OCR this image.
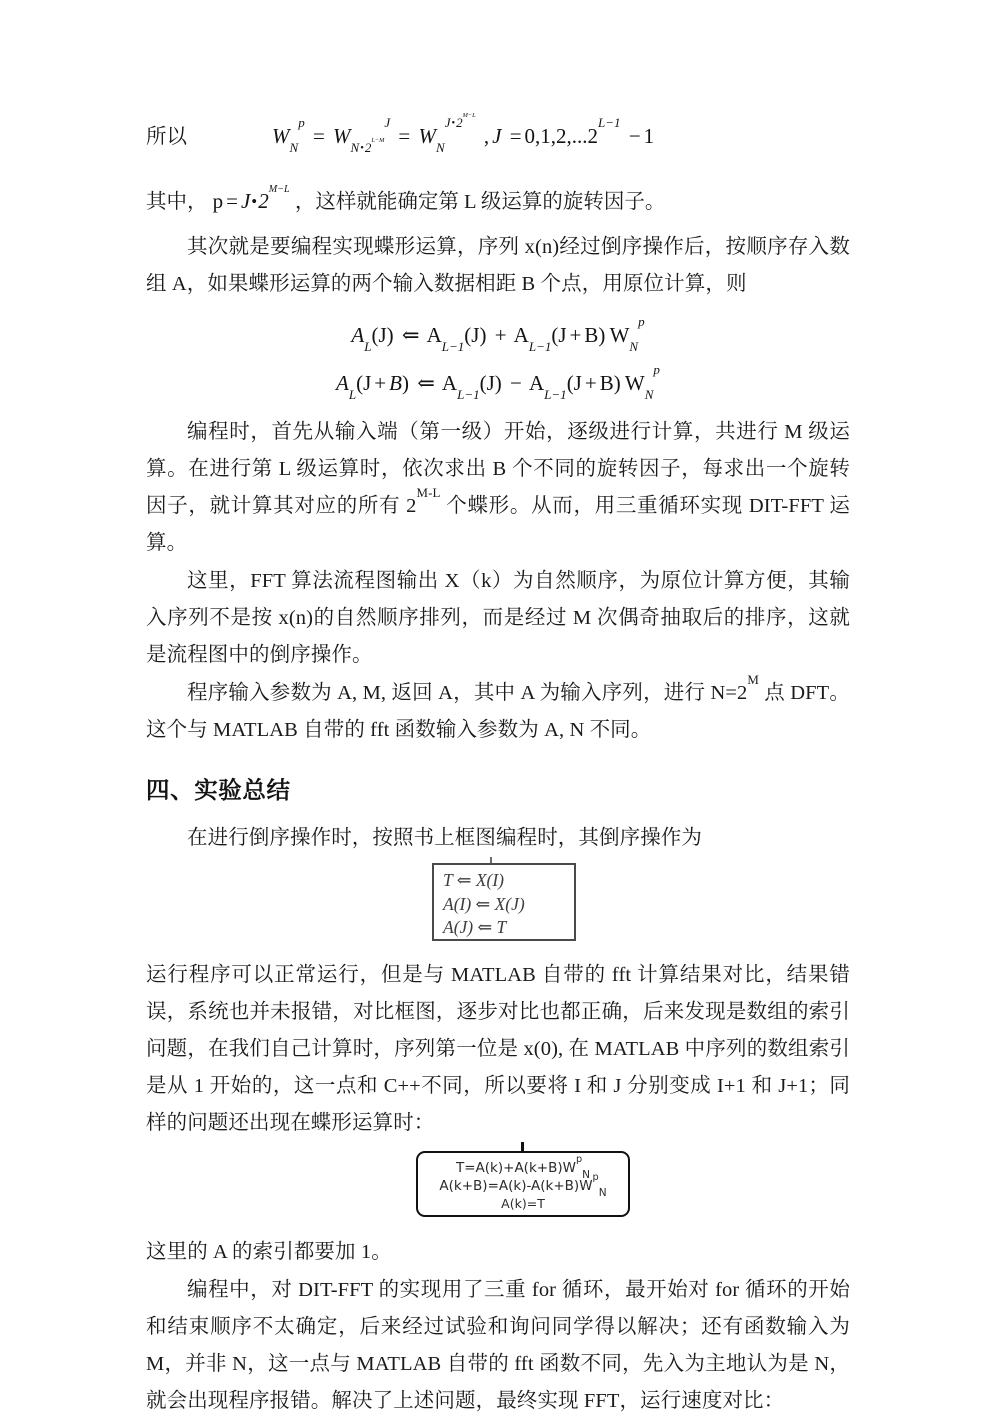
所以	$W_N^p = W_{N•2^{L-M}}^J = W_N^{J•2^{M-L}}$ , $J = 0,1,2,...2^{L-1} - 1$
其中， $p = J•2^{M-L}$ ，这样就能确定第 L 级运算的旋转因子。

其次就是要编程实现蝶形运算，序列 x(n)经过倒序操作后，按顺序存入数组 A，如果蝶形运算的两个输入数据相距 B 个点，用原位计算，则

$A_L(J)$ ⇐ $A_{L-1}(J) + A_{L-1}(J + B)$ $W_N^p$
$A_L(J + B)$ ⇐ $A_{L-1}(J) - A_{L-1}(J + B)$ $W_N^p$

编程时，首先从输入端（第一级）开始，逐级进行计算，共进行 M 级运算。在进行第 L 级运算时，依次求出 B 个不同的旋转因子，每求出一个旋转因子，就计算其对应的所有 $2^{M-L}$ 个蝶形。从而，用三重循环实现 DIT-FFT 运算。

这里，FFT 算法流程图输出 X（k）为自然顺序，为原位计算方便，其输入序列不是按 x(n)的自然顺序排列，而是经过 M 次偶奇抽取后的排序，这就是流程图中的倒序操作。

程序输入参数为 A, M, 返回 A，其中 A 为输入序列，进行 $N=2^M$ 点 DFT。这个与 MATLAB 自带的 fft 函数输入参数为 A, N 不同。

四、实验总结

在进行倒序操作时，按照书上框图编程时，其倒序操作为

T ⇐ X(I)
A(I) ⇐ X(J)
A(J) ⇐ T

运行程序可以正常运行，但是与 MATLAB 自带的 fft 计算结果对比，结果错误，系统也并未报错，对比框图，逐步对比也都正确，后来发现是数组的索引问题，在我们自己计算时，序列第一位是 x(0), 在 MATLAB 中序列的数组索引是从 1 开始的，这一点和 C++不同，所以要将 I 和 J 分别变成 I+1 和 J+1；同样的问题还出现在蝶形运算时：

$T=A(k)+A(k+B)W^p_N$
$A(k+B)=A(k)-A(k+B)W^p_N$
A(k)=T

这里的 A 的索引都要加 1。

编程中，对 DIT-FFT 的实现用了三重 for 循环，最开始对 for 循环的开始和结束顺序不太确定，后来经过试验和询问同学得以解决；还有函数输入为 M，并非 N，这一点与 MATLAB 自带的 fft 函数不同，先入为主地认为是 N，就会出现程序报错。解决了上述问题，最终实现 FFT，运行速度对比：
